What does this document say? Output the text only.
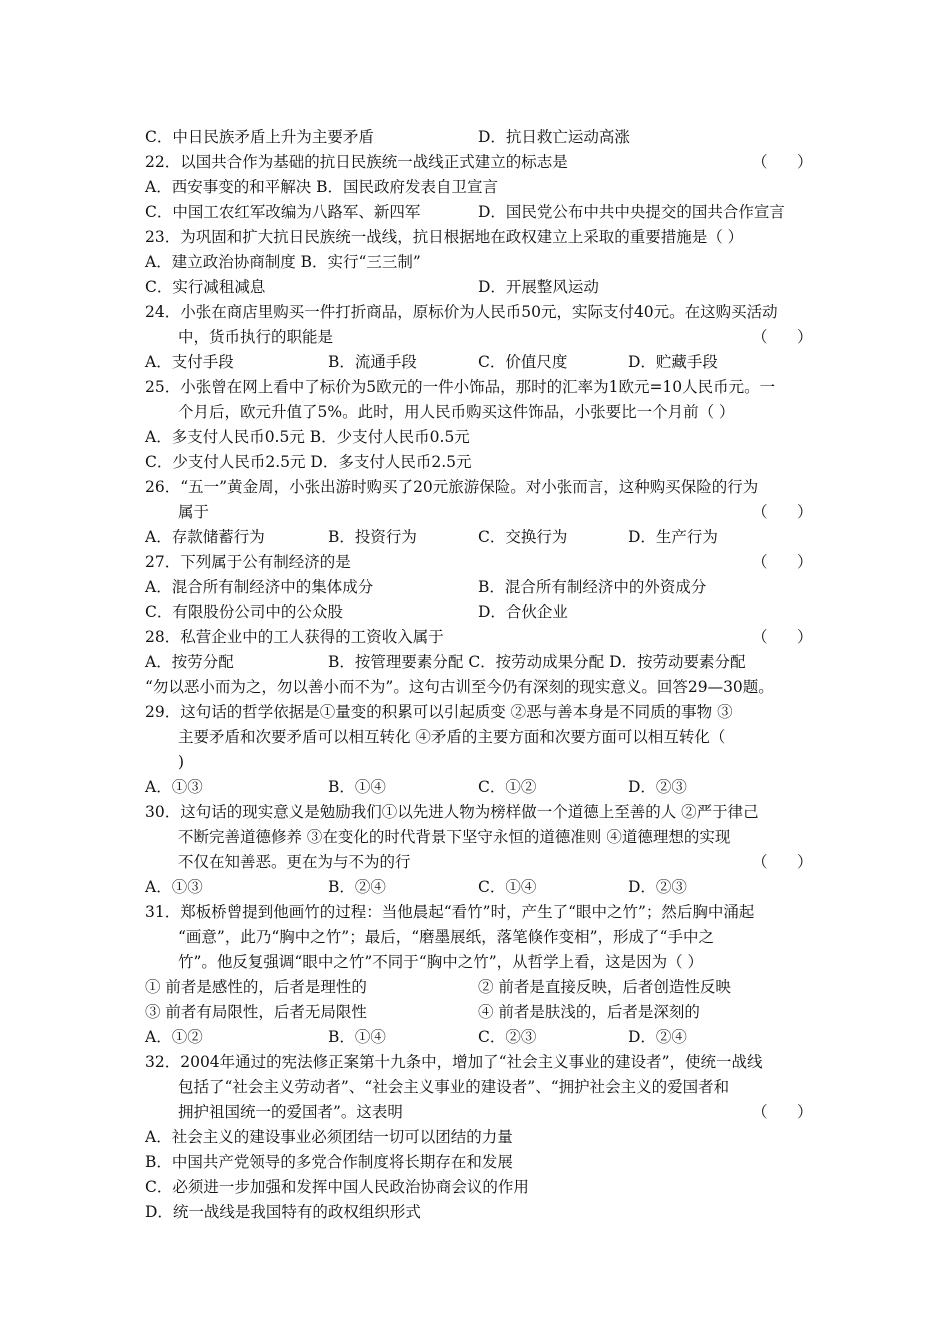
C．中日民族矛盾上升为主要矛盾	D．抗日救亡运动高涨
22．以国共合作为基础的抗日民族统一战线正式建立的标志是
A．西安事变的和平解决 B．国民政府发表自卫宣言
C．中国工农红军改编为八路军、新四军	D．国民党公布中共中央提交的国共合作宣言
23．为巩固和扩大抗日民族统一战线，抗日根据地在政权建立上采取的重要措施是（ ）
A．建立政治协商制度 B．实行“三三制”
C．实行减租减息	D．开展整风运动
24．小张在商店里购买一件打折商品，原标价为人民币50元，实际支付40元。在这购买活动
中，货币执行的职能是
A．支付手段	B．流通手段	C．价值尺度	D．贮藏手段
25．小张曾在网上看中了标价为5欧元的一件小饰品，那时的汇率为1欧元=10人民币元。一
个月后，欧元升值了5%。此时，用人民币购买这件饰品，小张要比一个月前（ ）
A．多支付人民币0.5元 B．少支付人民币0.5元
C．少支付人民币2.5元 D．多支付人民币2.5元
26．“五一”黄金周，小张出游时购买了20元旅游保险。对小张而言，这种购买保险的行为
属于
A．存款储蓄行为	B．投资行为	C．交换行为	D．生产行为
27．下列属于公有制经济的是
A．混合所有制经济中的集体成分	B．混合所有制经济中的外资成分
C．有限股份公司中的公众股	D．合伙企业
28．私营企业中的工人获得的工资收入属于
A．按劳分配	B．按管理要素分配 C．按劳动成果分配 D．按劳动要素分配
“勿以恶小而为之，勿以善小而不为”。这句古训至今仍有深刻的现实意义。回答29—30题。
29．这句话的哲学依据是①量变的积累可以引起质变 ②恶与善本身是不同质的事物 ③
主要矛盾和次要矛盾可以相互转化 ④矛盾的主要方面和次要方面可以相互转化（
)
A．①③	B．①④	C．①②	D．②③
30．这句话的现实意义是勉励我们①以先进人物为榜样做一个道德上至善的人 ②严于律己
不断完善道德修养 ③在变化的时代背景下坚守永恒的道德准则 ④道德理想的实现
不仅在知善恶。更在为与不为的行
A．①③	B．②④	C．①④	D．②③
31．郑板桥曾提到他画竹的过程：当他晨起“看竹”时，产生了“眼中之竹”；然后胸中涌起
“画意”，此乃“胸中之竹”；最后，“磨墨展纸，落笔倏作变相”，形成了“手中之
竹”。他反复强调“眼中之竹”不同于“胸中之竹”，从哲学上看，这是因为（ ）
① 前者是感性的，后者是理性的	② 前者是直接反映，后者创造性反映
③ 前者有局限性，后者无局限性	④ 前者是肤浅的，后者是深刻的
A．①②	B．①④	C．②③	D．②④
32．2004年通过的宪法修正案第十九条中，增加了“社会主义事业的建设者”，使统一战线
包括了“社会主义劳动者”、“社会主义事业的建设者”、“拥护社会主义的爱国者和
拥护祖国统一的爱国者”。这表明
A．社会主义的建设事业必须团结一切可以团结的力量
B．中国共产党领导的多党合作制度将长期存在和发展
C．必须进一步加强和发挥中国人民政治协商会议的作用
D．统一战线是我国特有的政权组织形式
（      ）
（      ）
（      ）
（      ）
（      ）
（      ）
（      ）
